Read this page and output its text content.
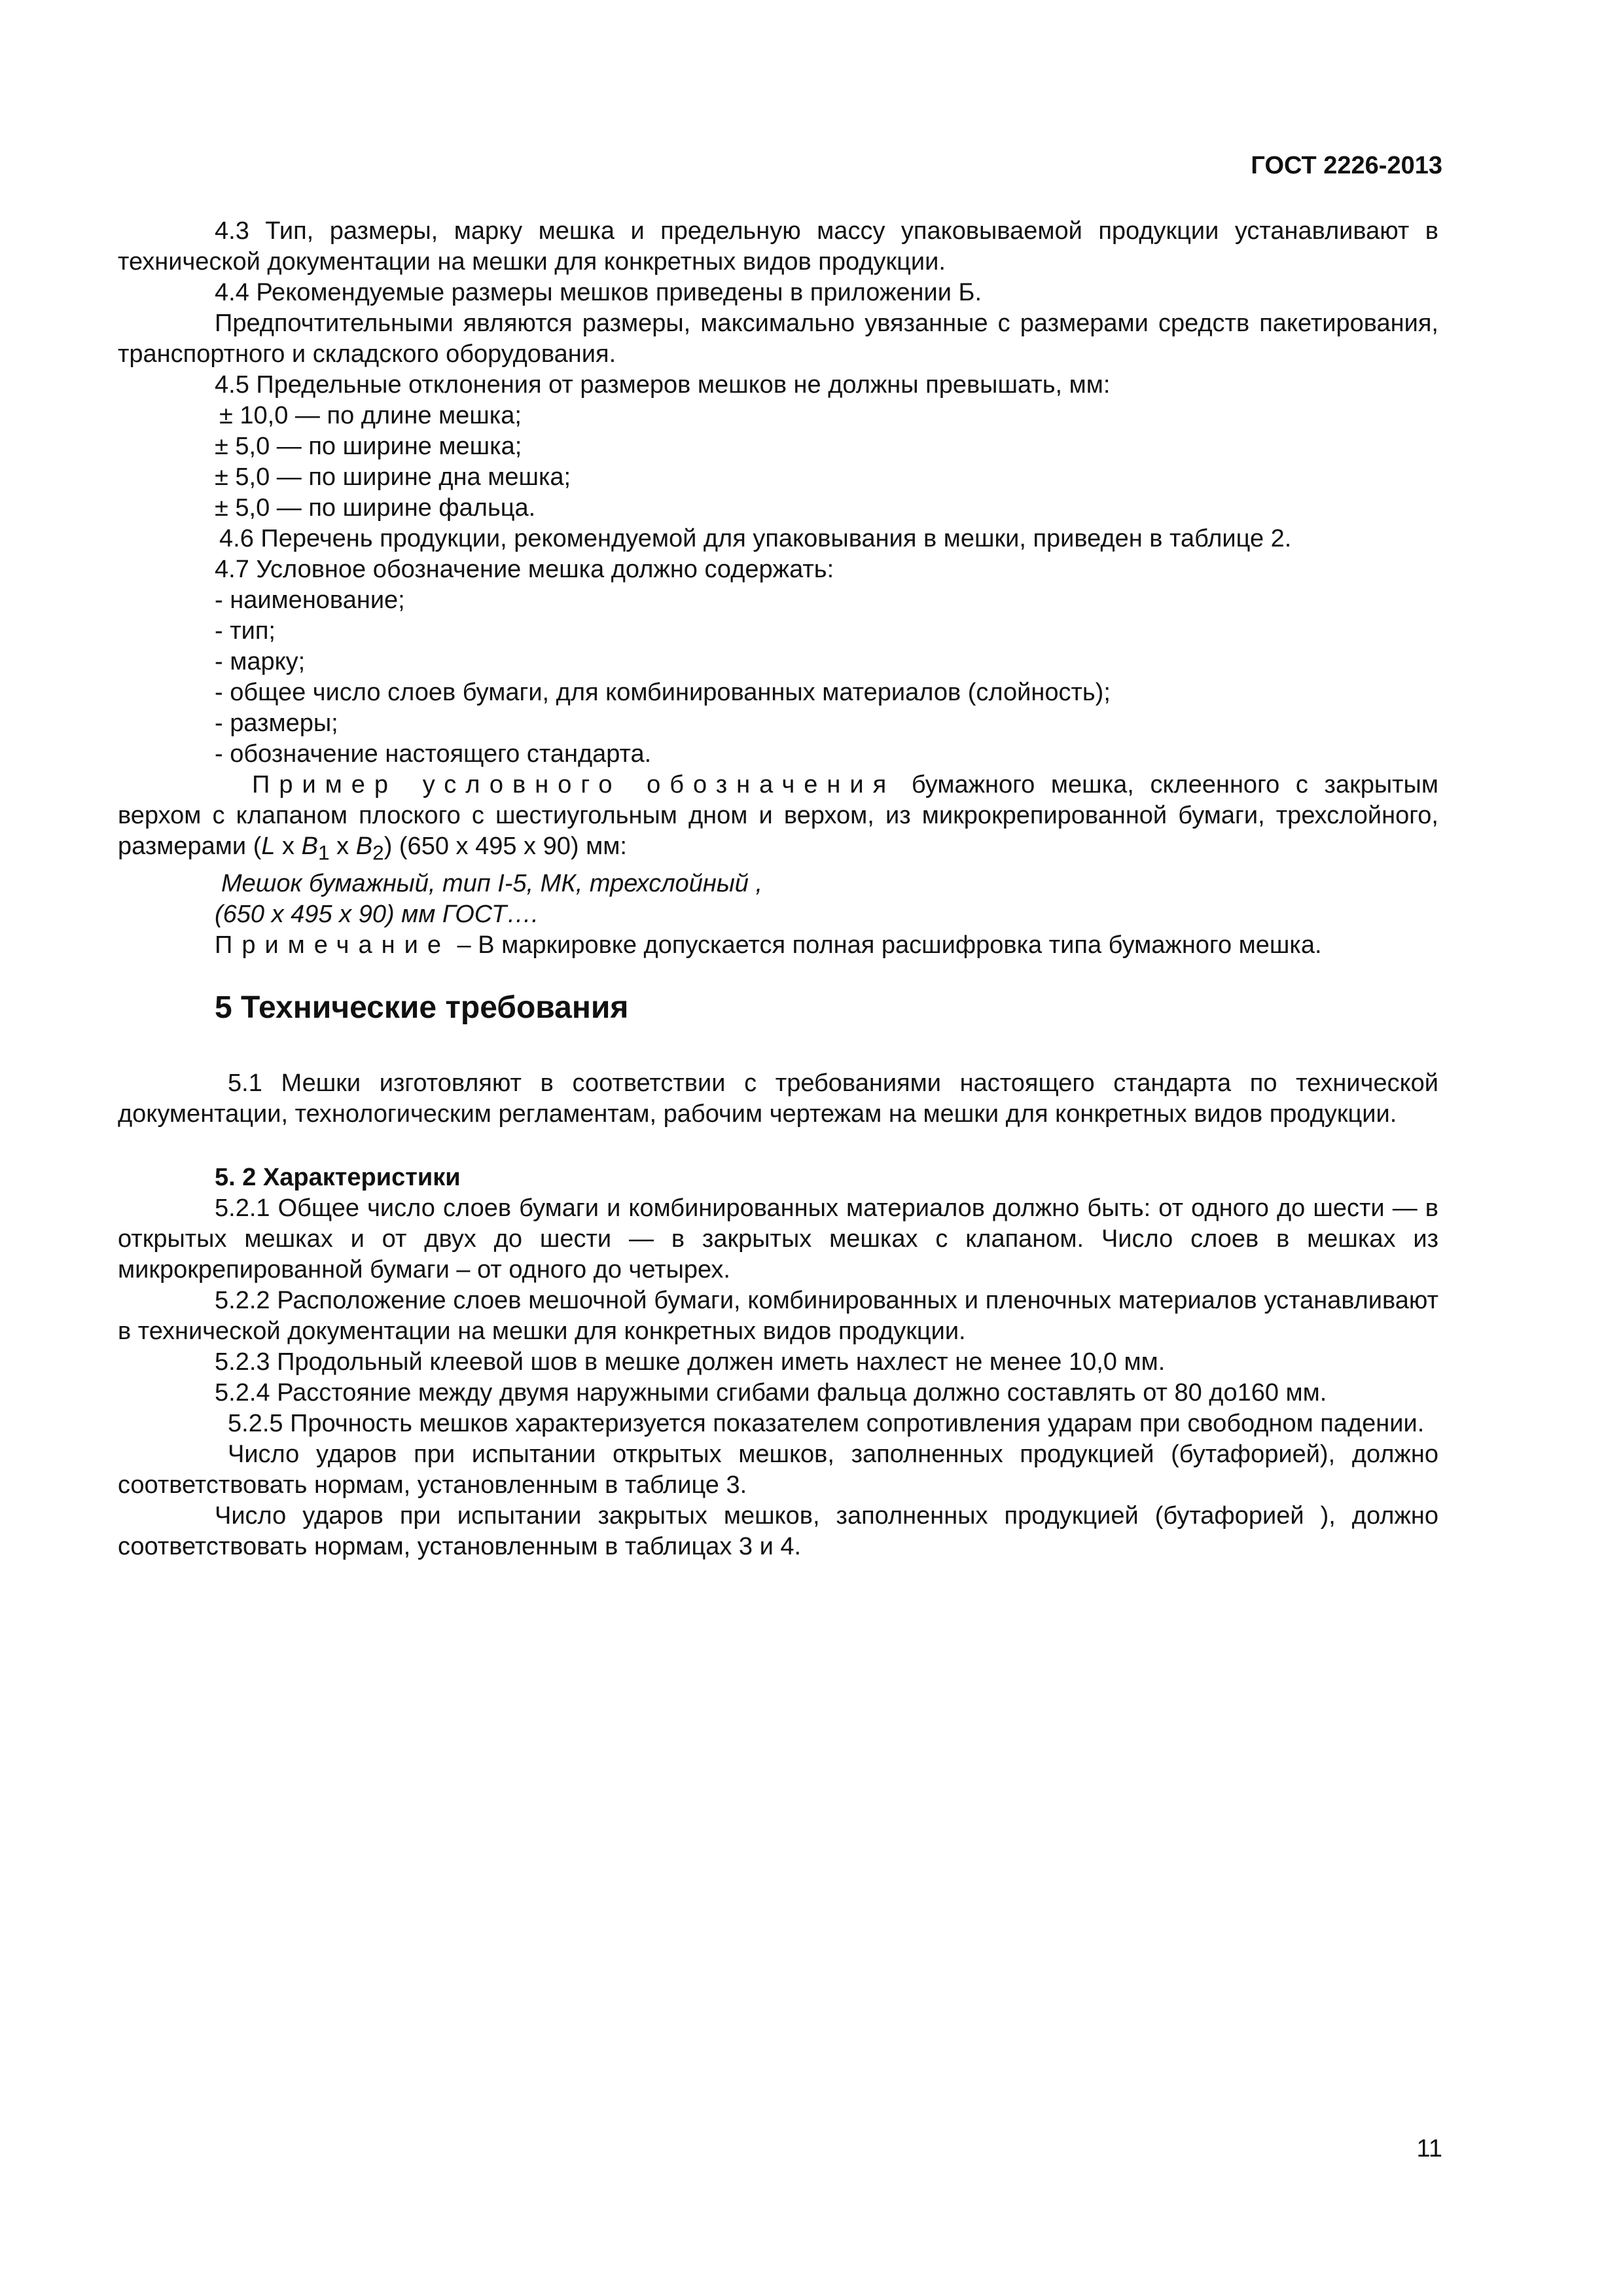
ГОСТ 2226-2013

4.3 Тип, размеры, марку мешка и предельную массу упаковываемой продукции устанавливают в технической документации на мешки для конкретных видов продукции.

4.4 Рекомендуемые размеры мешков приведены в приложении Б.

Предпочтительными являются размеры, максимально увязанные с размерами средств пакетирования, транспортного и складского оборудования.

4.5 Предельные отклонения от размеров мешков не должны превышать, мм:

± 10,0 — по длине мешка;

± 5,0 — по ширине мешка;

± 5,0 — по ширине дна мешка;

± 5,0 — по ширине фальца.

4.6 Перечень продукции, рекомендуемой для упаковывания в мешки, приведен в таблице 2.

4.7 Условное обозначение мешка должно содержать:

- наименование;

- тип;

- марку;

- общее число слоев бумаги, для комбинированных материалов (слойность);

- размеры;

- обозначение настоящего стандарта.

Пример условного обозначения бумажного мешка, склеенного с закрытым верхом с клапаном плоского с шестиугольным дном и верхом, из микрокрепированной бумаги, трехслойного, размерами (L x $B_1$ x $B_2$) (650 x 495 x 90) мм:

Мешок бумажный, тип I-5, МК, трехслойный ,

(650 x 495 x 90) мм ГОСТ….

Примечание – В маркировке допускается полная расшифровка типа бумажного мешка.

5 Технические требования

5.1 Мешки изготовляют в соответствии с требованиями настоящего стандарта по технической документации, технологическим регламентам, рабочим чертежам на мешки для конкретных видов продукции.

5. 2 Характеристики

5.2.1 Общее число слоев бумаги и комбинированных материалов должно быть: от одного до шести — в открытых мешках и от двух до шести — в закрытых мешках с клапаном. Число слоев в мешках из микрокрепированной бумаги – от одного до четырех.

5.2.2 Расположение слоев мешочной бумаги, комбинированных и пленочных материалов устанавливают в технической документации на мешки для конкретных видов продукции.

5.2.3 Продольный клеевой шов в мешке должен иметь нахлест не менее 10,0 мм.

5.2.4 Расстояние между двумя наружными сгибами фальца должно составлять от 80 до160 мм.

5.2.5 Прочность мешков характеризуется показателем сопротивления ударам при свободном падении.

Число ударов при испытании открытых мешков, заполненных продукцией (бутафорией), должно соответствовать нормам, установленным в таблице 3.

Число ударов при испытании закрытых мешков, заполненных продукцией (бутафорией ), должно соответствовать нормам, установленным в таблицах 3 и 4.

11
